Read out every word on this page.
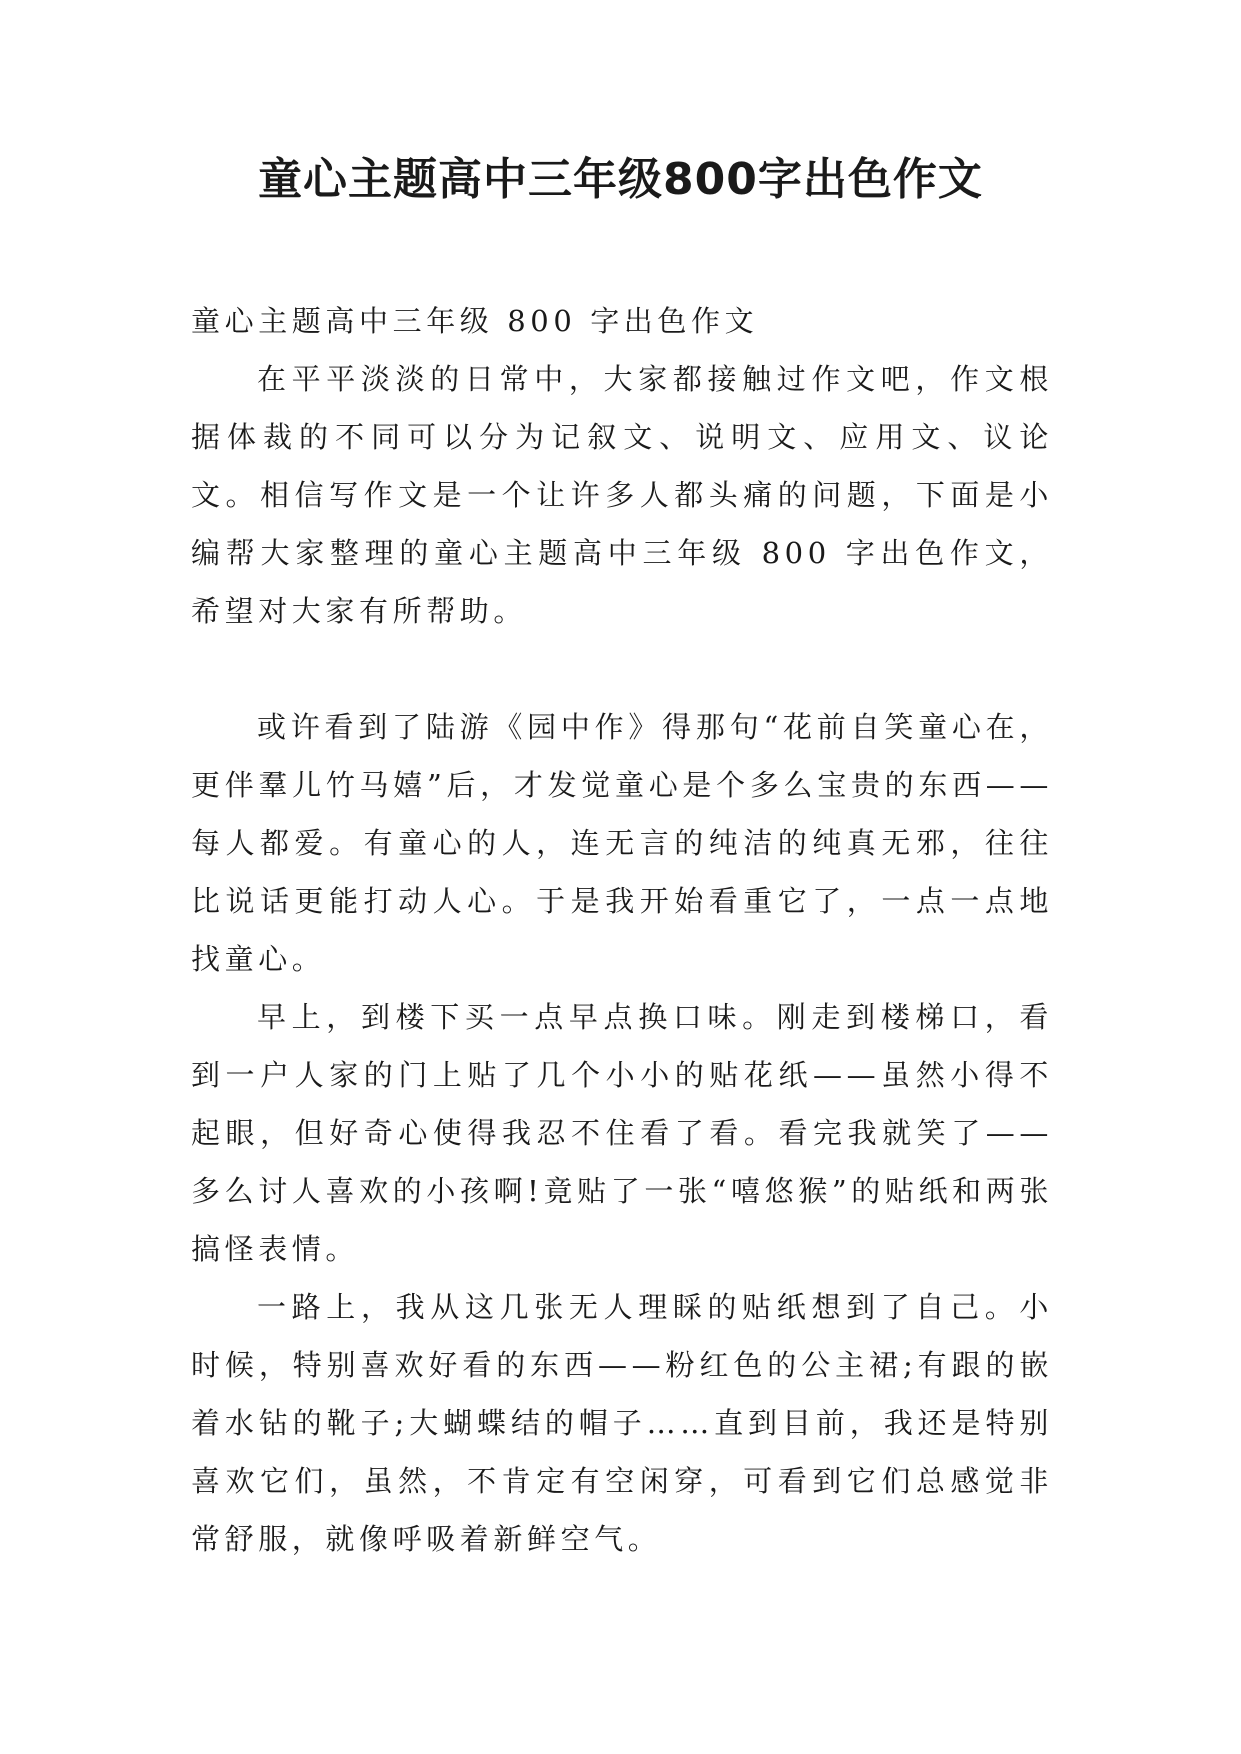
童心主题高中三年级800字出色作文

童心主题高中三年级 800 字出色作文

在平平淡淡的日常中，大家都接触过作文吧，作文根据体裁的不同可以分为记叙文、说明文、应用文、议论文。相信写作文是一个让许多人都头痛的问题，下面是小编帮大家整理的童心主题高中三年级 800 字出色作文，希望对大家有所帮助。

或许看到了陆游《园中作》得那句“花前自笑童心在，更伴羣儿竹马嬉”后，才发觉童心是个多么宝贵的东西——每人都爱。有童心的人，连无言的纯洁的纯真无邪，往往比说话更能打动人心。于是我开始看重它了，一点一点地找童心。

早上，到楼下买一点早点换口味。刚走到楼梯口，看到一户人家的门上贴了几个小小的贴花纸——虽然小得不起眼，但好奇心使得我忍不住看了看。看完我就笑了——多么讨人喜欢的小孩啊!竟贴了一张“嘻悠猴”的贴纸和两张搞怪表情。

一路上，我从这几张无人理睬的贴纸想到了自己。小时候，特别喜欢好看的东西——粉红色的公主裙;有跟的嵌着水钻的靴子;大蝴蝶结的帽子……直到目前，我还是特别喜欢它们，虽然，不肯定有空闲穿，可看到它们总感觉非常舒服，就像呼吸着新鲜空气。
